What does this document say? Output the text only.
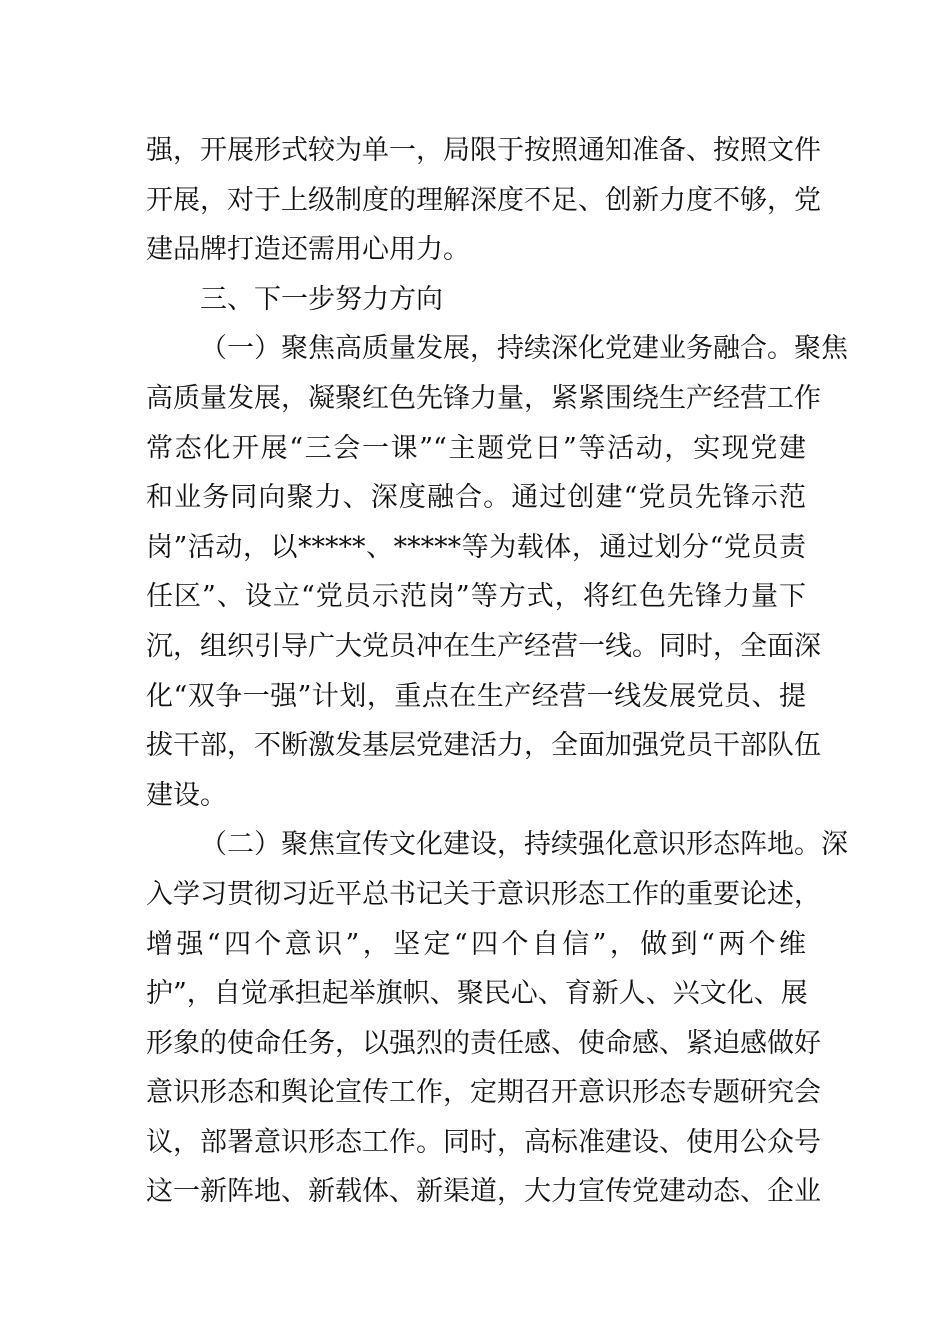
强，开展形式较为单一，局限于按照通知准备、按照文件
开展，对于上级制度的理解深度不足、创新力度不够，党
建品牌打造还需用心用力。
三、下一步努力方向
（一）聚焦高质量发展，持续深化党建业务融合。聚焦
高质量发展，凝聚红色先锋力量，紧紧围绕生产经营工作
常态化开展“三会一课”“主题党日”等活动，实现党建
和业务同向聚力、深度融合。通过创建“党员先锋示范
岗”活动，以*****、*****等为载体，通过划分“党员责
任区”、设立“党员示范岗”等方式，将红色先锋力量下
沉，组织引导广大党员冲在生产经营一线。同时，全面深
化“双争一强”计划，重点在生产经营一线发展党员、提
拔干部，不断激发基层党建活力，全面加强党员干部队伍
建设。
（二）聚焦宣传文化建设，持续强化意识形态阵地。深
入学习贯彻习近平总书记关于意识形态工作的重要论述，
增强“四个意识”，坚定“四个自信”，做到“两个维
护”，自觉承担起举旗帜、聚民心、育新人、兴文化、展
形象的使命任务，以强烈的责任感、使命感、紧迫感做好
意识形态和舆论宣传工作，定期召开意识形态专题研究会
议，部署意识形态工作。同时，高标准建设、使用公众号
这一新阵地、新载体、新渠道，大力宣传党建动态、企业
